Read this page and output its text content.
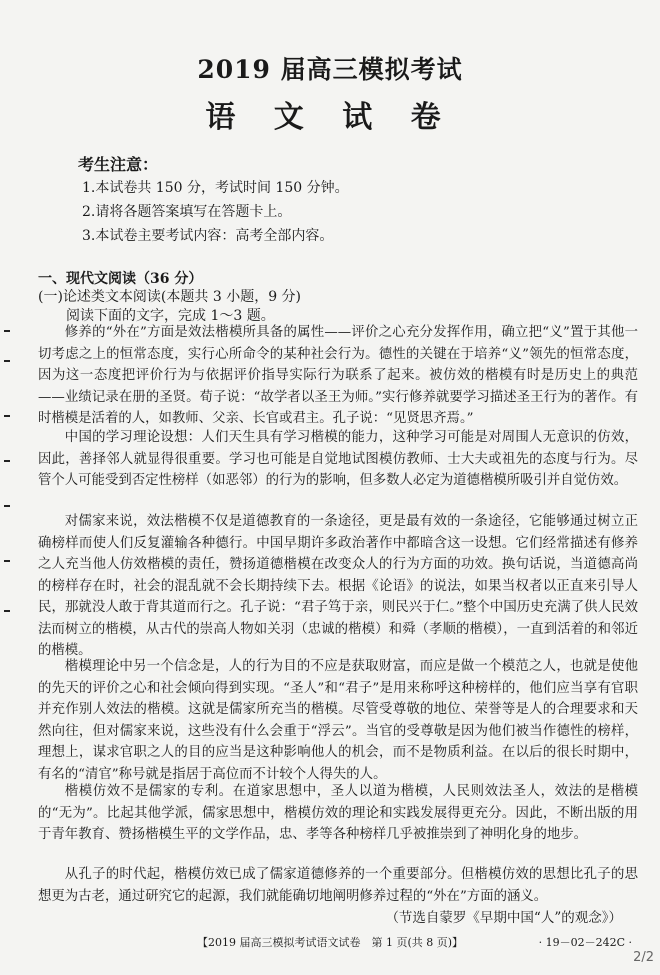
2019 届高三模拟考试
语 文 试 卷
考生注意：
1.本试卷共 150 分，考试时间 150 分钟。
2.请将各题答案填写在答题卡上。
3.本试卷主要考试内容：高考全部内容。
一、现代文阅读（36 分）
(一)论述类文本阅读(本题共 3 小题，9 分)
阅读下面的文字，完成 1～3 题。
修养的“外在”方面是效法楷模所具备的属性——评价之心充分发挥作用，确立把“义”置于其他一切考虑之上的恒常态度，实行心所命令的某种社会行为。德性的关键在于培养“义”领先的恒常态度，因为这一态度把评价行为与依据评价指导实际行为联系了起来。被仿效的楷模有时是历史上的典范——业绩记录在册的圣贤。荀子说：“故学者以圣王为师。”实行修养就要学习描述圣王行为的著作。有时楷模是活着的人，如教师、父亲、长官或君主。孔子说：“见贤思齐焉。”
中国的学习理论设想：人们天生具有学习楷模的能力，这种学习可能是对周围人无意识的仿效，因此，善择邻人就显得很重要。学习也可能是自觉地试图模仿教师、士大夫或祖先的态度与行为。尽管个人可能受到否定性榜样（如恶邻）的行为的影响，但多数人必定为道德楷模所吸引并自觉仿效。
对儒家来说，效法楷模不仅是道德教育的一条途径，更是最有效的一条途径，它能够通过树立正确榜样而使人们反复灌输各种德行。中国早期许多政治著作中都暗含这一设想。它们经常描述有修养之人充当他人仿效楷模的责任，赞扬道德楷模在改变众人的行为方面的功效。换句话说，当道德高尚的榜样存在时，社会的混乱就不会长期持续下去。根据《论语》的说法，如果当权者以正直来引导人民，那就没人敢于背其道而行之。孔子说：“君子笃于亲，则民兴于仁。”整个中国历史充满了供人民效法而树立的楷模，从古代的崇高人物如关羽（忠诚的楷模）和舜（孝顺的楷模），一直到活着的和邻近的楷模。
楷模理论中另一个信念是，人的行为目的不应是获取财富，而应是做一个模范之人，也就是使他的先天的评价之心和社会倾向得到实现。“圣人”和“君子”是用来称呼这种榜样的，他们应当享有官职并充作别人效法的楷模。这就是儒家所充当的楷模。尽管受尊敬的地位、荣誉等是人的合理要求和天然向往，但对儒家来说，这些没有什么会重于“浮云”。当官的受尊敬是因为他们被当作德性的榜样，理想上，谋求官职之人的目的应当是这种影响他人的机会，而不是物质利益。在以后的很长时期中，有名的“清官”称号就是指居于高位而不计较个人得失的人。
楷模仿效不是儒家的专利。在道家思想中，圣人以道为楷模，人民则效法圣人，效法的是楷模的“无为”。比起其他学派，儒家思想中，楷模仿效的理论和实践发展得更充分。因此，不断出版的用于青年教育、赞扬楷模生平的文学作品，忠、孝等各种榜样几乎被推崇到了神明化身的地步。
从孔子的时代起，楷模仿效已成了儒家道德修养的一个重要部分。但楷模仿效的思想比孔子的思想更为古老，通过研究它的起源，我们就能确切地阐明修养过程的“外在”方面的涵义。
（节选自蒙罗《早期中国“人”的观念》）
【2019 届高三模拟考试语文试卷　第 1 页(共 8 页)】	· 19－02－242C ·
2/2
